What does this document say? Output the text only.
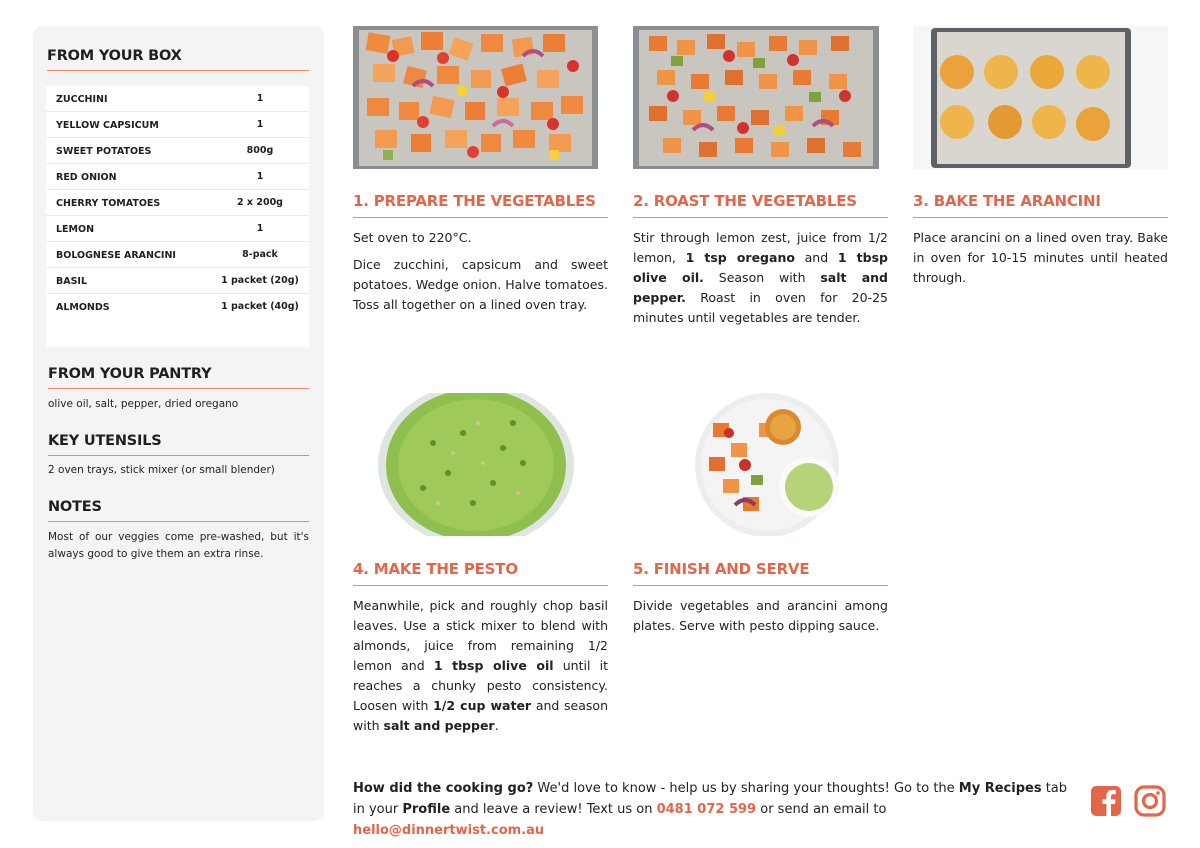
FROM YOUR BOX
ZUCCHINI	1
YELLOW CAPSICUM	1
SWEET POTATOES	800g
RED ONION	1
CHERRY TOMATOES	2 x 200g
LEMON	1
BOLOGNESE ARANCINI	8-pack
BASIL	1 packet (20g)
ALMONDS	1 packet (40g)
FROM YOUR PANTRY
olive oil, salt, pepper, dried oregano
KEY UTENSILS
2 oven trays, stick mixer (or small blender)
NOTES
Most of our veggies come pre-washed, but it's always good to give them an extra rinse.
1. PREPARE THE VEGETABLES
Set oven to 220°C.
Dice zucchini, capsicum and sweet potatoes. Wedge onion. Halve tomatoes. Toss all together on a lined oven tray.
2. ROAST THE VEGETABLES
Stir through lemon zest, juice from 1/2 lemon, 1 tsp oregano and 1 tbsp olive oil. Season with salt and pepper. Roast in oven for 20-25 minutes until vegetables are tender.
3. BAKE THE ARANCINI
Place arancini on a lined oven tray. Bake in oven for 10-15 minutes until heated through.
4. MAKE THE PESTO
Meanwhile, pick and roughly chop basil leaves. Use a stick mixer to blend with almonds, juice from remaining 1/2 lemon and 1 tbsp olive oil until it reaches a chunky pesto consistency. Loosen with 1/2 cup water and season with salt and pepper.
5. FINISH AND SERVE
Divide vegetables and arancini among plates. Serve with pesto dipping sauce.
How did the cooking go? We'd love to know - help us by sharing your thoughts! Go to the My Recipes tab in your Profile and leave a review! Text us on 0481 072 599 or send an email to hello@dinnertwist.com.au
